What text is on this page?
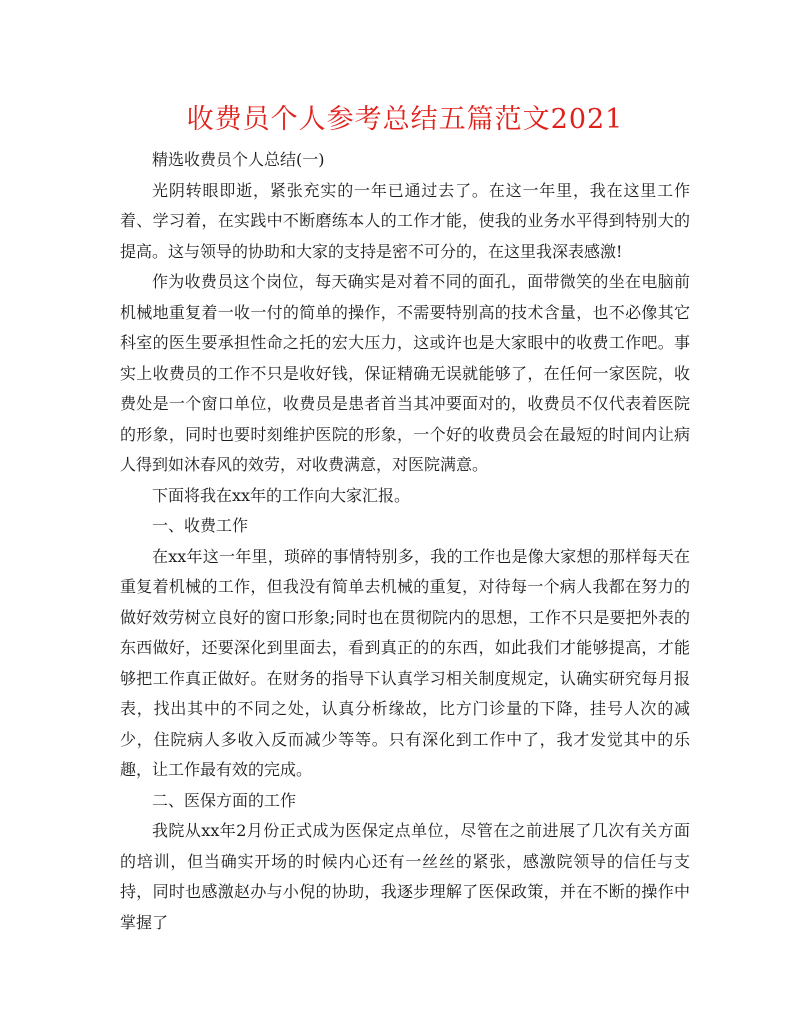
收费员个人参考总结五篇范文2021

精选收费员个人总结(一)

光阴转眼即逝，紧张充实的一年已通过去了。在这一年里，我在这里工作着、学习着，在实践中不断磨练本人的工作才能，使我的业务水平得到特别大的提高。这与领导的协助和大家的支持是密不可分的，在这里我深表感激!

作为收费员这个岗位，每天确实是对着不同的面孔，面带微笑的坐在电脑前机械地重复着一收一付的简单的操作，不需要特别高的技术含量，也不必像其它科室的医生要承担性命之托的宏大压力，这或许也是大家眼中的收费工作吧。事实上收费员的工作不只是收好钱，保证精确无误就能够了，在任何一家医院，收费处是一个窗口单位，收费员是患者首当其冲要面对的，收费员不仅代表着医院的形象，同时也要时刻维护医院的形象，一个好的收费员会在最短的时间内让病人得到如沐春风的效劳，对收费满意，对医院满意。

下面将我在xx年的工作向大家汇报。

一、收费工作

在xx年这一年里，琐碎的事情特别多，我的工作也是像大家想的那样每天在重复着机械的工作，但我没有简单去机械的重复，对待每一个病人我都在努力的做好效劳树立良好的窗口形象;同时也在贯彻院内的思想，工作不只是要把外表的东西做好，还要深化到里面去，看到真正的的东西，如此我们才能够提高，才能够把工作真正做好。在财务的指导下认真学习相关制度规定，认确实研究每月报表，找出其中的不同之处，认真分析缘故，比方门诊量的下降，挂号人次的减少，住院病人多收入反而减少等等。只有深化到工作中了，我才发觉其中的乐趣，让工作最有效的完成。

二、医保方面的工作

我院从xx年2月份正式成为医保定点单位，尽管在之前进展了几次有关方面的培训，但当确实开场的时候内心还有一丝丝的紧张，感激院领导的信任与支持，同时也感激赵办与小倪的协助，我逐步理解了医保政策，并在不断的操作中掌握了
